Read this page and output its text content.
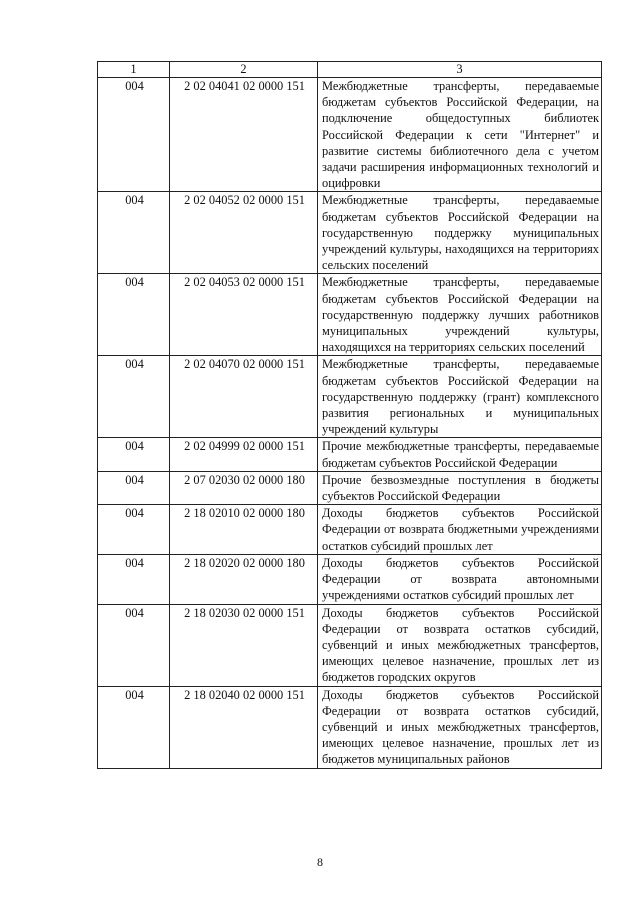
1	2	3
004	2 02 04041 02 0000 151	Межбюджетные трансферты, передаваемые бюджетам субъектов Российской Федерации, на подключение общедоступных библиотек Российской Федерации к сети "Интернет" и развитие системы библиотечного дела с учетом задачи расширения информационных технологий и оцифровки
004	2 02 04052 02 0000 151	Межбюджетные трансферты, передаваемые бюджетам субъектов Российской Федерации на государственную поддержку муниципальных учреждений культуры, находящихся на территориях сельских поселений
004	2 02 04053 02 0000 151	Межбюджетные трансферты, передаваемые бюджетам субъектов Российской Федерации на государственную поддержку лучших работников муниципальных учреждений культуры, находящихся на территориях сельских поселений
004	2 02 04070 02 0000 151	Межбюджетные трансферты, передаваемые бюджетам субъектов Российской Федерации на государственную поддержку (грант) комплексного развития региональных и муниципальных учреждений культуры
004	2 02 04999 02 0000 151	Прочие межбюджетные трансферты, передаваемые бюджетам субъектов Российской Федерации
004	2 07 02030 02 0000 180	Прочие безвозмездные поступления в бюджеты субъектов Российской Федерации
004	2 18 02010 02 0000 180	Доходы бюджетов субъектов Российской Федерации от возврата бюджетными учреждениями остатков субсидий прошлых лет
004	2 18 02020 02 0000 180	Доходы бюджетов субъектов Российской Федерации от возврата автономными учреждениями остатков субсидий прошлых лет
004	2 18 02030 02 0000 151	Доходы бюджетов субъектов Российской Федерации от возврата остатков субсидий, субвенций и иных межбюджетных трансфертов, имеющих целевое назначение, прошлых лет из бюджетов городских округов
004	2 18 02040 02 0000 151	Доходы бюджетов субъектов Российской Федерации от возврата остатков субсидий, субвенций и иных межбюджетных трансфертов, имеющих целевое назначение, прошлых лет из бюджетов муниципальных районов
8
